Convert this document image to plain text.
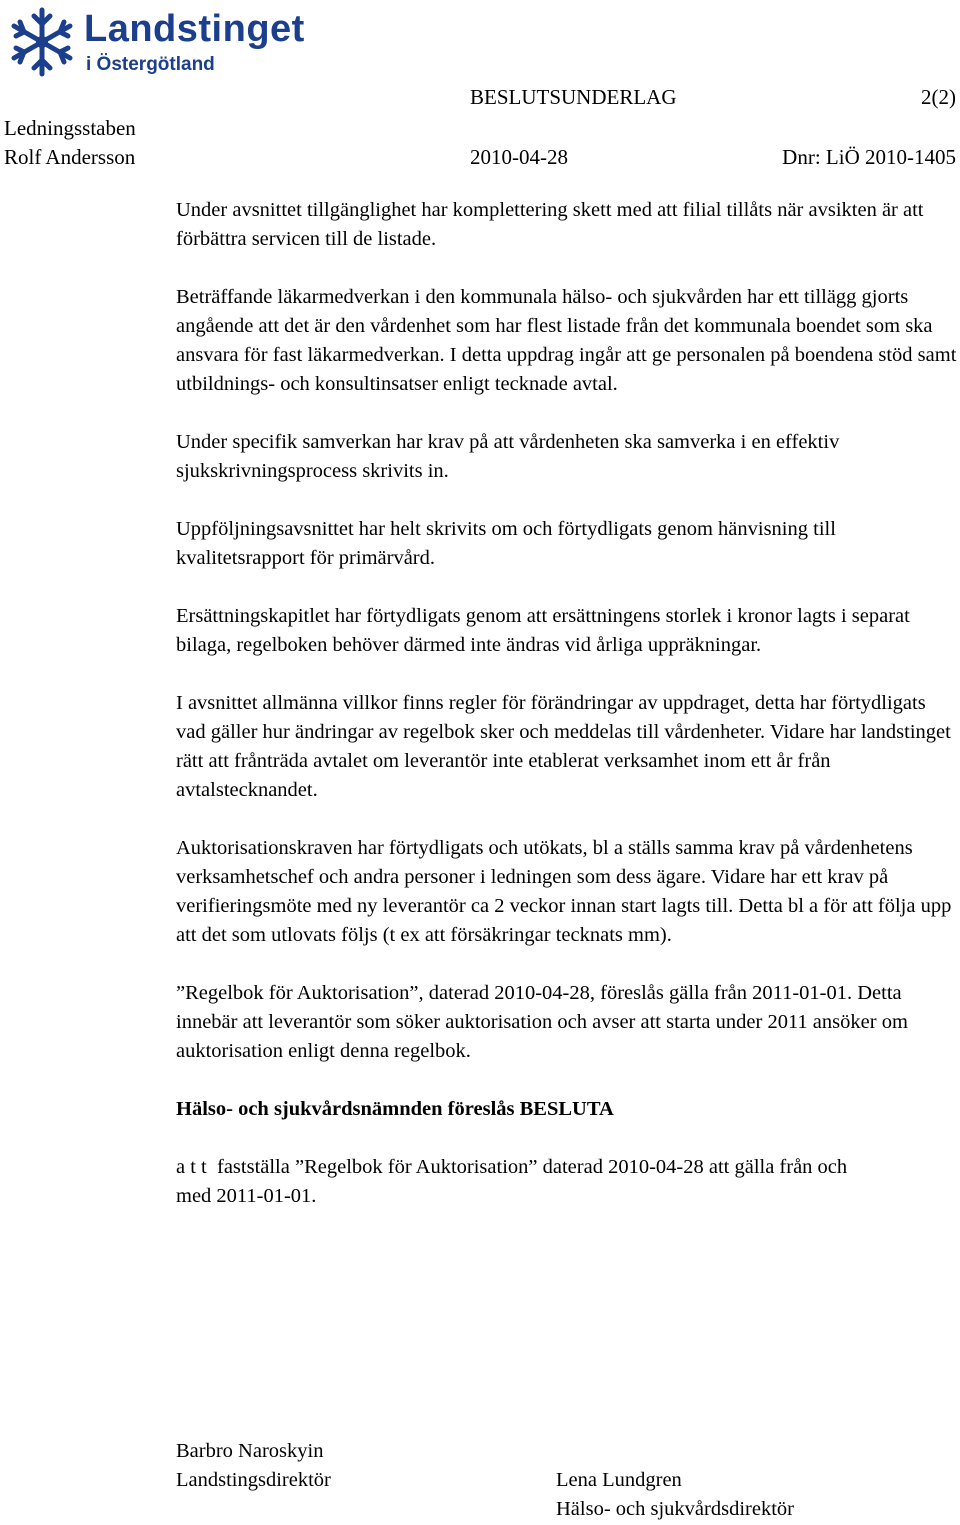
Landstinget
i Östergötland
BESLUTSUNDERLAG	2(2)
Ledningsstaben
Rolf Andersson	2010-04-28	Dnr: LiÖ 2010-1405

Under avsnittet tillgänglighet har komplettering skett med att filial tillåts när avsikten är att förbättra servicen till de listade.

Beträffande läkarmedverkan i den kommunala hälso- och sjukvården har ett tillägg gjorts angående att det är den vårdenhet som har flest listade från det kommunala boendet som ska ansvara för fast läkarmedverkan. I detta uppdrag ingår att ge personalen på boendena stöd samt utbildnings- och konsultinsatser enligt tecknade avtal.

Under specifik samverkan har krav på att vårdenheten ska samverka i en effektiv sjukskrivningsprocess skrivits in.

Uppföljningsavsnittet har helt skrivits om och förtydligats genom hänvisning till kvalitetsrapport för primärvård.

Ersättningskapitlet har förtydligats genom att ersättningens storlek i kronor lagts i separat bilaga, regelboken behöver därmed inte ändras vid årliga uppräkningar.

I avsnittet allmänna villkor finns regler för förändringar av uppdraget, detta har förtydligats vad gäller hur ändringar av regelbok sker och meddelas till vårdenheter. Vidare har landstinget rätt att frånträda avtalet om leverantör inte etablerat verksamhet inom ett år från avtalstecknandet.

Auktorisationskraven har förtydligats och utökats, bl a ställs samma krav på vårdenhetens verksamhetschef och andra personer i ledningen som dess ägare. Vidare har ett krav på verifieringsmöte med ny leverantör ca 2 veckor innan start lagts till. Detta bl a för att följa upp att det som utlovats följs (t ex att försäkringar tecknats mm).

”Regelbok för Auktorisation”, daterad 2010-04-28, föreslås gälla från 2011-01-01. Detta innebär att leverantör som söker auktorisation och avser att starta under 2011 ansöker om auktorisation enligt denna regelbok.

Hälso- och sjukvårdsnämnden föreslås BESLUTA

a t t  fastställa ”Regelbok för Auktorisation” daterad 2010-04-28 att gälla från och med 2011-01-01.

Barbro Naroskyin
Landstingsdirektör	Lena Lundgren
Hälso- och sjukvårdsdirektör
